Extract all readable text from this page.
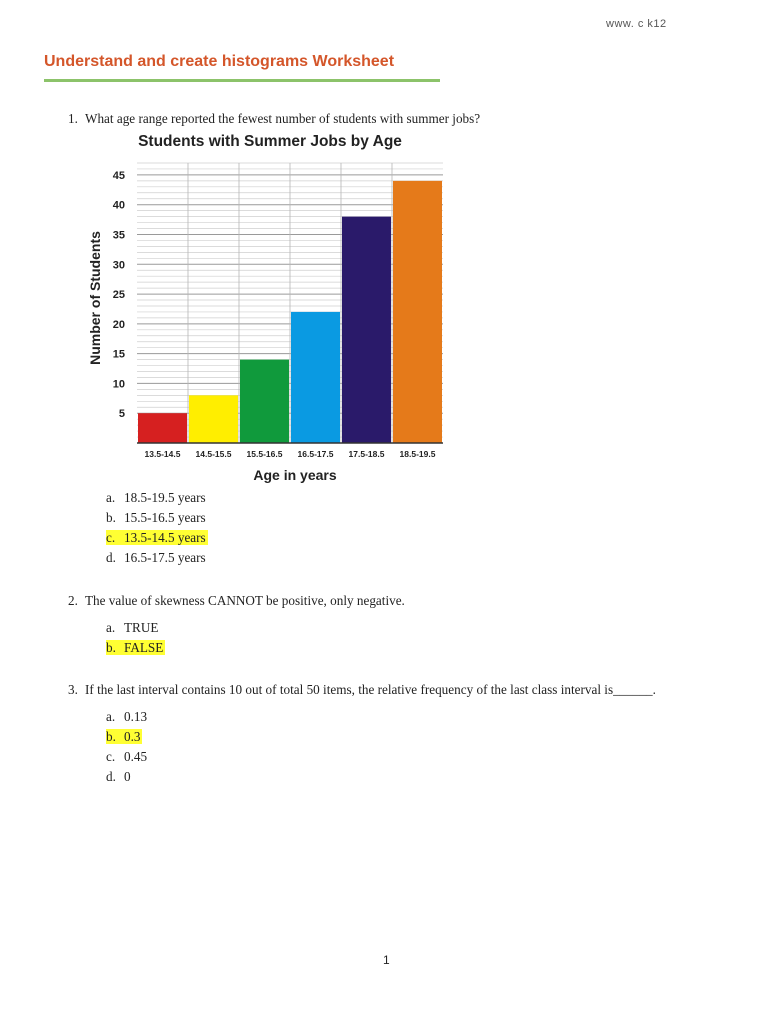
www. c k12
Understand and create histograms Worksheet
1. What age range reported the fewest number of students with summer jobs?
Students with Summer Jobs by Age
5
10
15
20
25
30
35
40
45
13.5-14.5 14.5-15.5 15.5-16.5 16.5-17.5 17.5-18.5 18.5-19.5
Age in years
Number of Students
a. 18.5-19.5 years
b. 15.5-16.5 years
c. 13.5-14.5 years
d. 16.5-17.5 years
2. The value of skewness CANNOT be positive, only negative.
a. TRUE
b. FALSE
3. If the last interval contains 10 out of total 50 items, the relative frequency of the last class interval is______.
a. 0.13
b. 0.3
c. 0.45
d. 0
1
